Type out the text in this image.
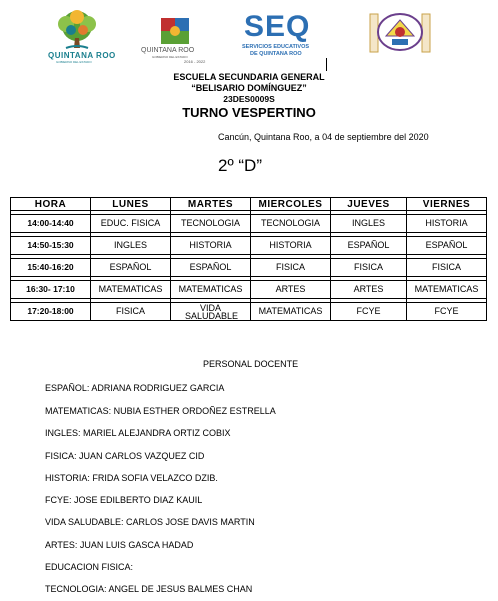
QUINTANA ROO
GOBIERNO DEL ESTADO
QUINTANA ROO
GOBIERNO DEL ESTADO
2016 - 2022
SEQ
SERVICIOS EDUCATIVOS
DE QUINTANA ROO
ESCUELA SECUNDARIA GENERAL
“BELISARIO DOMÍNGUEZ”
23DES0009S
TURNO VESPERTINO
Cancún, Quintana Roo, a 04 de septiembre del 2020
2º “D”
HORA	LUNES	MARTES	MIERCOLES	JUEVES	VIERNES

14:00-14:40	EDUC. FISICA	TECNOLOGIA	TECNOLOGIA	INGLES	HISTORIA

14:50-15:30	INGLES	HISTORIA	HISTORIA	ESPAÑOL	ESPAÑOL

15:40-16:20	ESPAÑOL	ESPAÑOL	FISICA	FISICA	FISICA

16:30- 17:10	MATEMATICAS	MATEMATICAS	ARTES	ARTES	MATEMATICAS

17:20-18:00	FISICA	VIDA SALUDABLE	MATEMATICAS	FCYE	FCYE
PERSONAL DOCENTE
ESPAÑOL: ADRIANA RODRIGUEZ GARCIA
MATEMATICAS: NUBIA ESTHER ORDOÑEZ ESTRELLA
INGLES: MARIEL ALEJANDRA ORTIZ COBIX
FISICA: JUAN CARLOS VAZQUEZ CID
HISTORIA: FRIDA SOFIA VELAZCO DZIB.
FCYE: JOSE EDILBERTO DIAZ KAUIL
VIDA SALUDABLE: CARLOS JOSE DAVIS MARTIN
ARTES: JUAN LUIS GASCA HADAD
EDUCACION FISICA:
TECNOLOGIA: ANGEL DE JESUS BALMES CHAN
